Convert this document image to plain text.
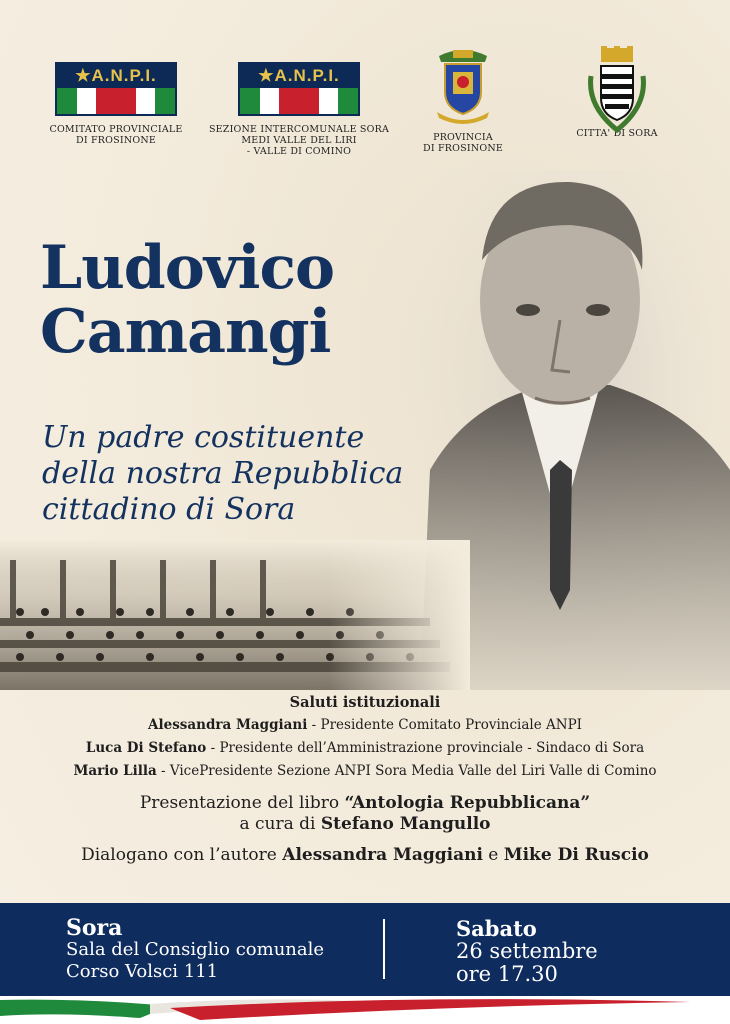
★A.N.P.I.
COMITATO PROVINCIALE
DI FROSINONE
★A.N.P.I.
SEZIONE INTERCOMUNALE SORA
MEDI VALLE DEL LIRI
- VALLE DI COMINO
PROVINCIA
DI FROSINONE
CITTA' DI SORA
Ludovico
Camangi
Un padre costituente
della nostra Repubblica
cittadino di Sora
Saluti istituzionali
Alessandra Maggiani - Presidente Comitato Provinciale ANPI
Luca Di Stefano - Presidente dell’Amministrazione provinciale - Sindaco di Sora
Mario Lilla - VicePresidente Sezione ANPI Sora Media Valle del Liri Valle di Comino
Presentazione del libro “Antologia Repubblicana”
a cura di Stefano Mangullo
Dialogano con l’autore Alessandra Maggiani e Mike Di Ruscio
Sora
Sala del Consiglio comunale
Corso Volsci 111
Sabato
26 settembre
ore 17.30
